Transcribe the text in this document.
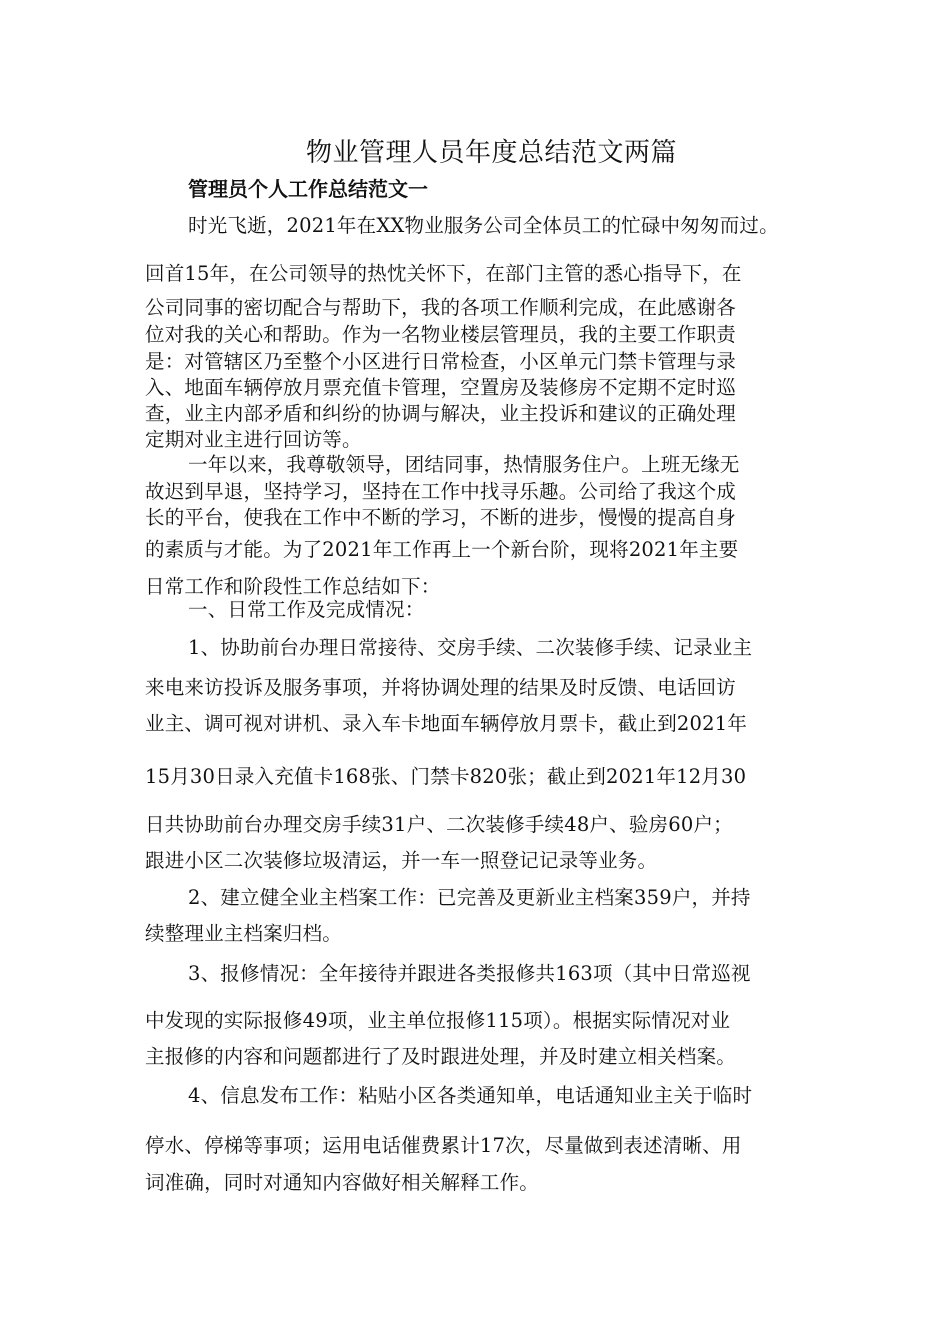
物业管理人员年度总结范文两篇
管理员个人工作总结范文一
时光飞逝，2021年在XX物业服务公司全体员工的忙碌中匆匆而过。
回首15年，在公司领导的热忱关怀下，在部门主管的悉心指导下，在
公司同事的密切配合与帮助下，我的各项工作顺利完成，在此感谢各
位对我的关心和帮助。作为一名物业楼层管理员，我的主要工作职责
是：对管辖区乃至整个小区进行日常检查，小区单元门禁卡管理与录
入、地面车辆停放月票充值卡管理，空置房及装修房不定期不定时巡
查，业主内部矛盾和纠纷的协调与解决，业主投诉和建议的正确处理
定期对业主进行回访等。
一年以来，我尊敬领导，团结同事，热情服务住户。上班无缘无
故迟到早退，坚持学习，坚持在工作中找寻乐趣。公司给了我这个成
长的平台，使我在工作中不断的学习，不断的进步，慢慢的提高自身
的素质与才能。为了2021年工作再上一个新台阶，现将2021年主要
日常工作和阶段性工作总结如下：
一、日常工作及完成情况：
1、协助前台办理日常接待、交房手续、二次装修手续、记录业主
来电来访投诉及服务事项，并将协调处理的结果及时反馈、电话回访
业主、调可视对讲机、录入车卡地面车辆停放月票卡，截止到2021年
15月30日录入充值卡168张、门禁卡820张；截止到2021年12月30
日共协助前台办理交房手续31户、二次装修手续48户、验房60户；
跟进小区二次装修垃圾清运，并一车一照登记记录等业务。
2、建立健全业主档案工作：已完善及更新业主档案359户，并持
续整理业主档案归档。
3、报修情况：全年接待并跟进各类报修共163项（其中日常巡视
中发现的实际报修49项，业主单位报修115项）。根据实际情况对业
主报修的内容和问题都进行了及时跟进处理，并及时建立相关档案。
4、信息发布工作：粘贴小区各类通知单，电话通知业主关于临时
停水、停梯等事项；运用电话催费累计17次，尽量做到表述清晰、用
词准确，同时对通知内容做好相关解释工作。
